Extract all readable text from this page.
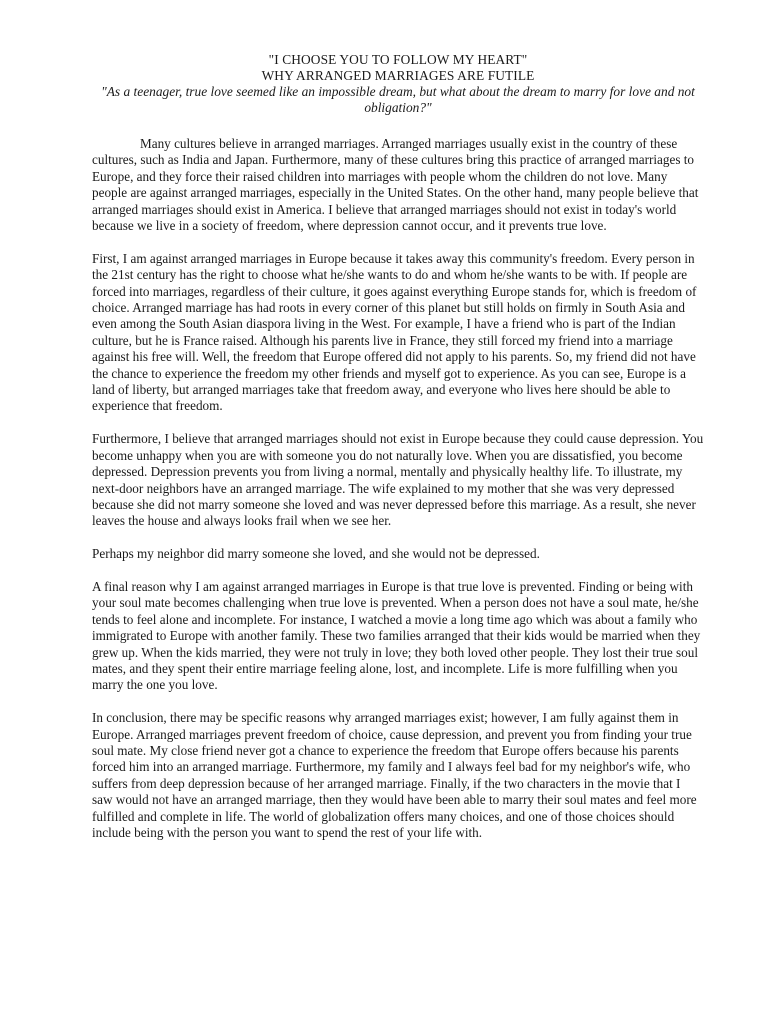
"I CHOOSE YOU TO FOLLOW MY HEART"

WHY ARRANGED MARRIAGES ARE FUTILE

"As a teenager, true love seemed like an impossible dream, but what about the dream to marry for love and not obligation?"

Many cultures believe in arranged marriages. Arranged marriages usually exist in the country of these cultures, such as India and Japan. Furthermore, many of these cultures bring this practice of arranged marriages to Europe, and they force their raised children into marriages with people whom the children do not love. Many people are against arranged marriages, especially in the United States. On the other hand, many people believe that arranged marriages should exist in America. I believe that arranged marriages should not exist in today's world because we live in a society of freedom, where depression cannot occur, and it prevents true love.

First, I am against arranged marriages in Europe because it takes away this community's freedom. Every person in the 21st century has the right to choose what he/she wants to do and whom he/she wants to be with. If people are forced into marriages, regardless of their culture, it goes against everything Europe stands for, which is freedom of choice. Arranged marriage has had roots in every corner of this planet but still holds on firmly in South Asia and even among the South Asian diaspora living in the West. For example, I have a friend who is part of the Indian culture, but he is France raised. Although his parents live in France, they still forced my friend into a marriage against his free will. Well, the freedom that Europe offered did not apply to his parents. So, my friend did not have the chance to experience the freedom my other friends and myself got to experience. As you can see, Europe is a land of liberty, but arranged marriages take that freedom away, and everyone who lives here should be able to experience that freedom.

Furthermore, I believe that arranged marriages should not exist in Europe because they could cause depression. You become unhappy when you are with someone you do not naturally love. When you are dissatisfied, you become depressed. Depression prevents you from living a normal, mentally and physically healthy life. To illustrate, my next-door neighbors have an arranged marriage. The wife explained to my mother that she was very depressed because she did not marry someone she loved and was never depressed before this marriage. As a result, she never leaves the house and always looks frail when we see her.

Perhaps my neighbor did marry someone she loved, and she would not be depressed.

A final reason why I am against arranged marriages in Europe is that true love is prevented. Finding or being with your soul mate becomes challenging when true love is prevented. When a person does not have a soul mate, he/she tends to feel alone and incomplete. For instance, I watched a movie a long time ago which was about a family who immigrated to Europe with another family. These two families arranged that their kids would be married when they grew up. When the kids married, they were not truly in love; they both loved other people. They lost their true soul mates, and they spent their entire marriage feeling alone, lost, and incomplete. Life is more fulfilling when you marry the one you love.

In conclusion, there may be specific reasons why arranged marriages exist; however, I am fully against them in Europe. Arranged marriages prevent freedom of choice, cause depression, and prevent you from finding your true soul mate. My close friend never got a chance to experience the freedom that Europe offers because his parents forced him into an arranged marriage. Furthermore, my family and I always feel bad for my neighbor's wife, who suffers from deep depression because of her arranged marriage. Finally, if the two characters in the movie that I saw would not have an arranged marriage, then they would have been able to marry their soul mates and feel more fulfilled and complete in life. The world of globalization offers many choices, and one of those choices should include being with the person you want to spend the rest of your life with.
